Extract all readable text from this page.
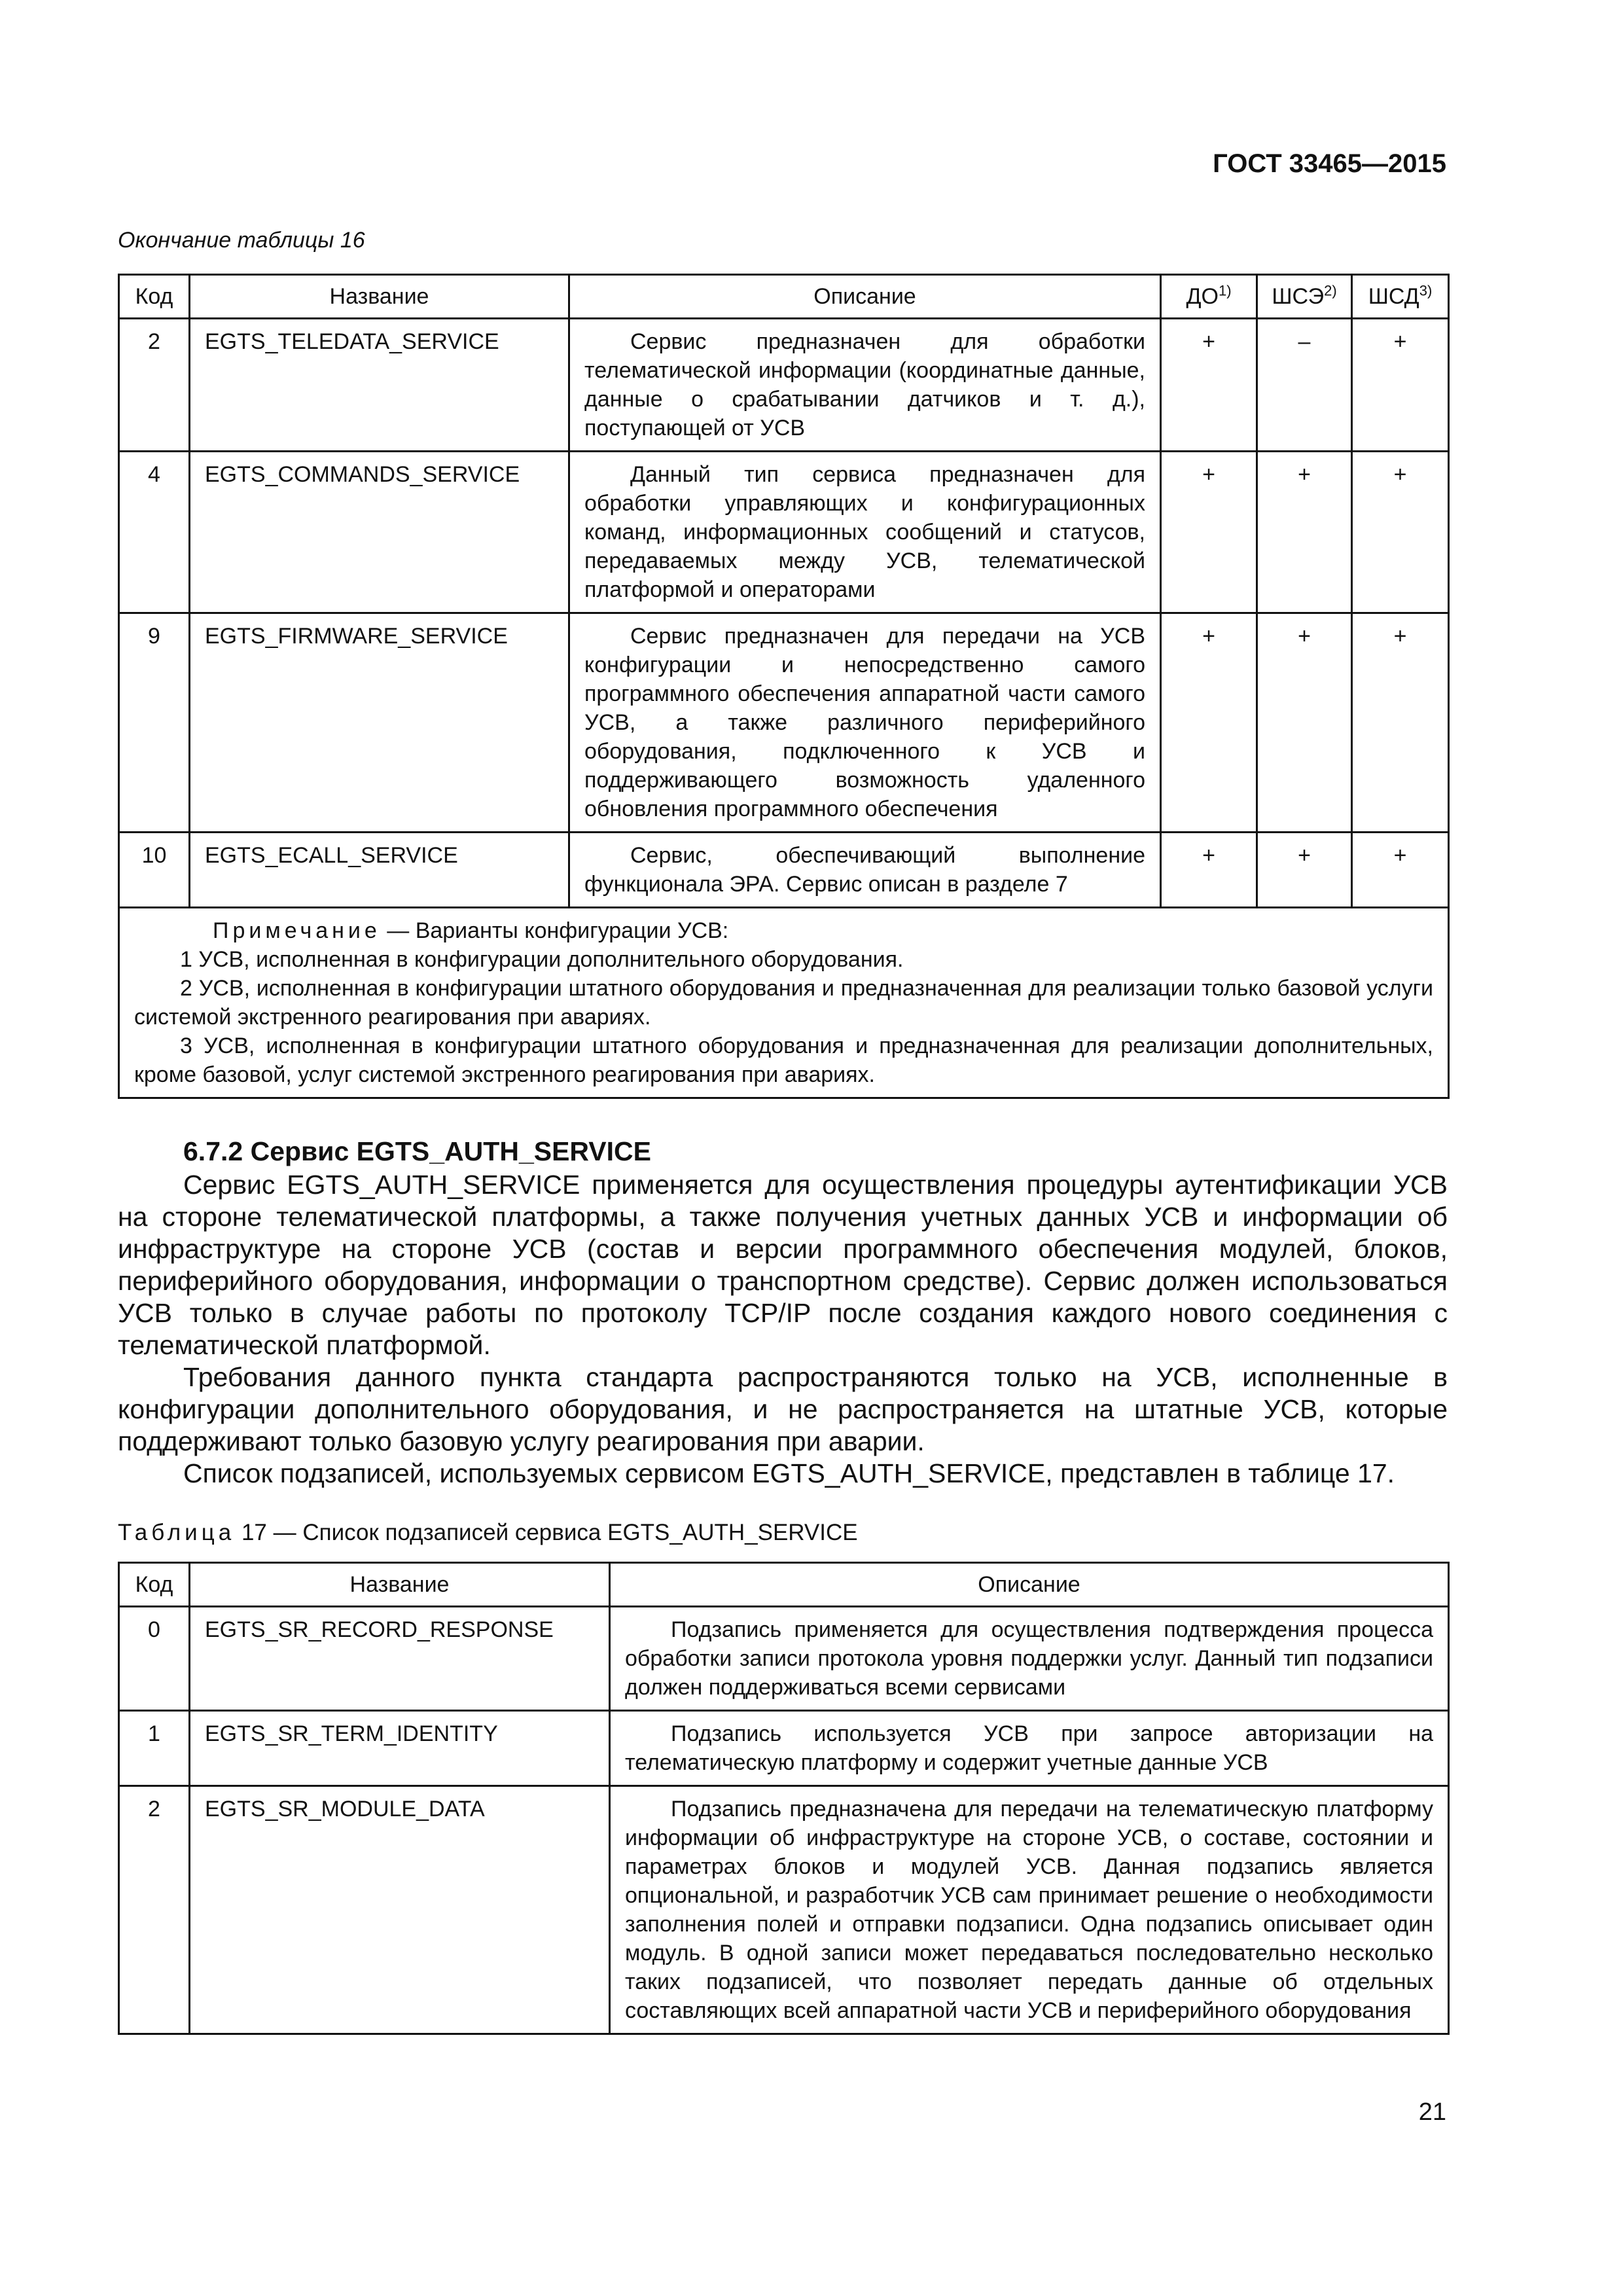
ГОСТ 33465—2015
Окончание таблицы 16
Код	Название	Описание	ДО$^{1)}$	ШСЭ$^{2)}$	ШСД$^{3)}$
2	EGTS_TELEDATA_SERVICE	Сервис предназначен для обработки телематической информации (координатные данные, данные о срабатывании датчиков и т. д.), поступающей от УСВ	+	–	+
4	EGTS_COMMANDS_SERVICE	Данный тип сервиса предназначен для обработки управляющих и конфигурационных команд, информационных сообщений и статусов, передаваемых между УСВ, телематической платформой и операторами	+	+	+
9	EGTS_FIRMWARE_SERVICE	Сервис предназначен для передачи на УСВ конфигурации и непосредственно самого программного обеспечения аппаратной части самого УСВ, а также различного периферийного оборудования, подключенного к УСВ и поддерживающего возможность удаленного обновления программного обеспечения	+	+	+
10	EGTS_ECALL_SERVICE	Сервис, обеспечивающий выполнение функционала ЭРА. Сервис описан в разделе 7	+	+	+

Примечание — Варианты конфигурации УСВ:
1 УСВ, исполненная в конфигурации дополнительного оборудования.
2 УСВ, исполненная в конфигурации штатного оборудования и предназначенная для реализации только базовой услуги системой экстренного реагирования при авариях.
3 УСВ, исполненная в конфигурации штатного оборудования и предназначенная для реализации дополнительных, кроме базовой, услуг системой экстренного реагирования при авариях.					
6.7.2 Сервис EGTS_AUTH_SERVICE

Сервис EGTS_AUTH_SERVICE применяется для осуществления процедуры аутентификации УСВ на стороне телематической платформы, а также получения учетных данных УСВ и информации об инфраструктуре на стороне УСВ (состав и версии программного обеспечения модулей, блоков, периферийного оборудования, информации о транспортном средстве). Сервис должен использоваться УСВ только в случае работы по протоколу TCP/IP после создания каждого нового соединения с телематической платформой.

Требования данного пункта стандарта распространяются только на УСВ, исполненные в конфигурации дополнительного оборудования, и не распространяется на штатные УСВ, которые поддерживают только базовую услугу реагирования при аварии.

Список подзаписей, используемых сервисом EGTS_AUTH_SERVICE, представлен в таблице 17.

Таблица 17 — Список подзаписей сервиса EGTS_AUTH_SERVICE
Код	Название	Описание
0	EGTS_SR_RECORD_RESPONSE	Подзапись применяется для осуществления подтверждения процесса обработки записи протокола уровня поддержки услуг. Данный тип подзаписи должен поддерживаться всеми сервисами

1	EGTS_SR_TERM_IDENTITY	Подзапись используется УСВ при запросе авторизации на телематическую платформу и содержит учетные данные УСВ

2	EGTS_SR_MODULE_DATA	Подзапись предназначена для передачи на телематическую платформу информации об инфраструктуре на стороне УСВ, о составе, состоянии и параметрах блоков и модулей УСВ. Данная подзапись является опциональной, и разработчик УСВ сам принимает решение о необходимости заполнения полей и отправки подзаписи. Одна подзапись описывает один модуль. В одной записи может передаваться последовательно несколько таких подзаписей, что позволяет передать данные об отдельных составляющих всей аппаратной части УСВ и периферийного оборудования
21
